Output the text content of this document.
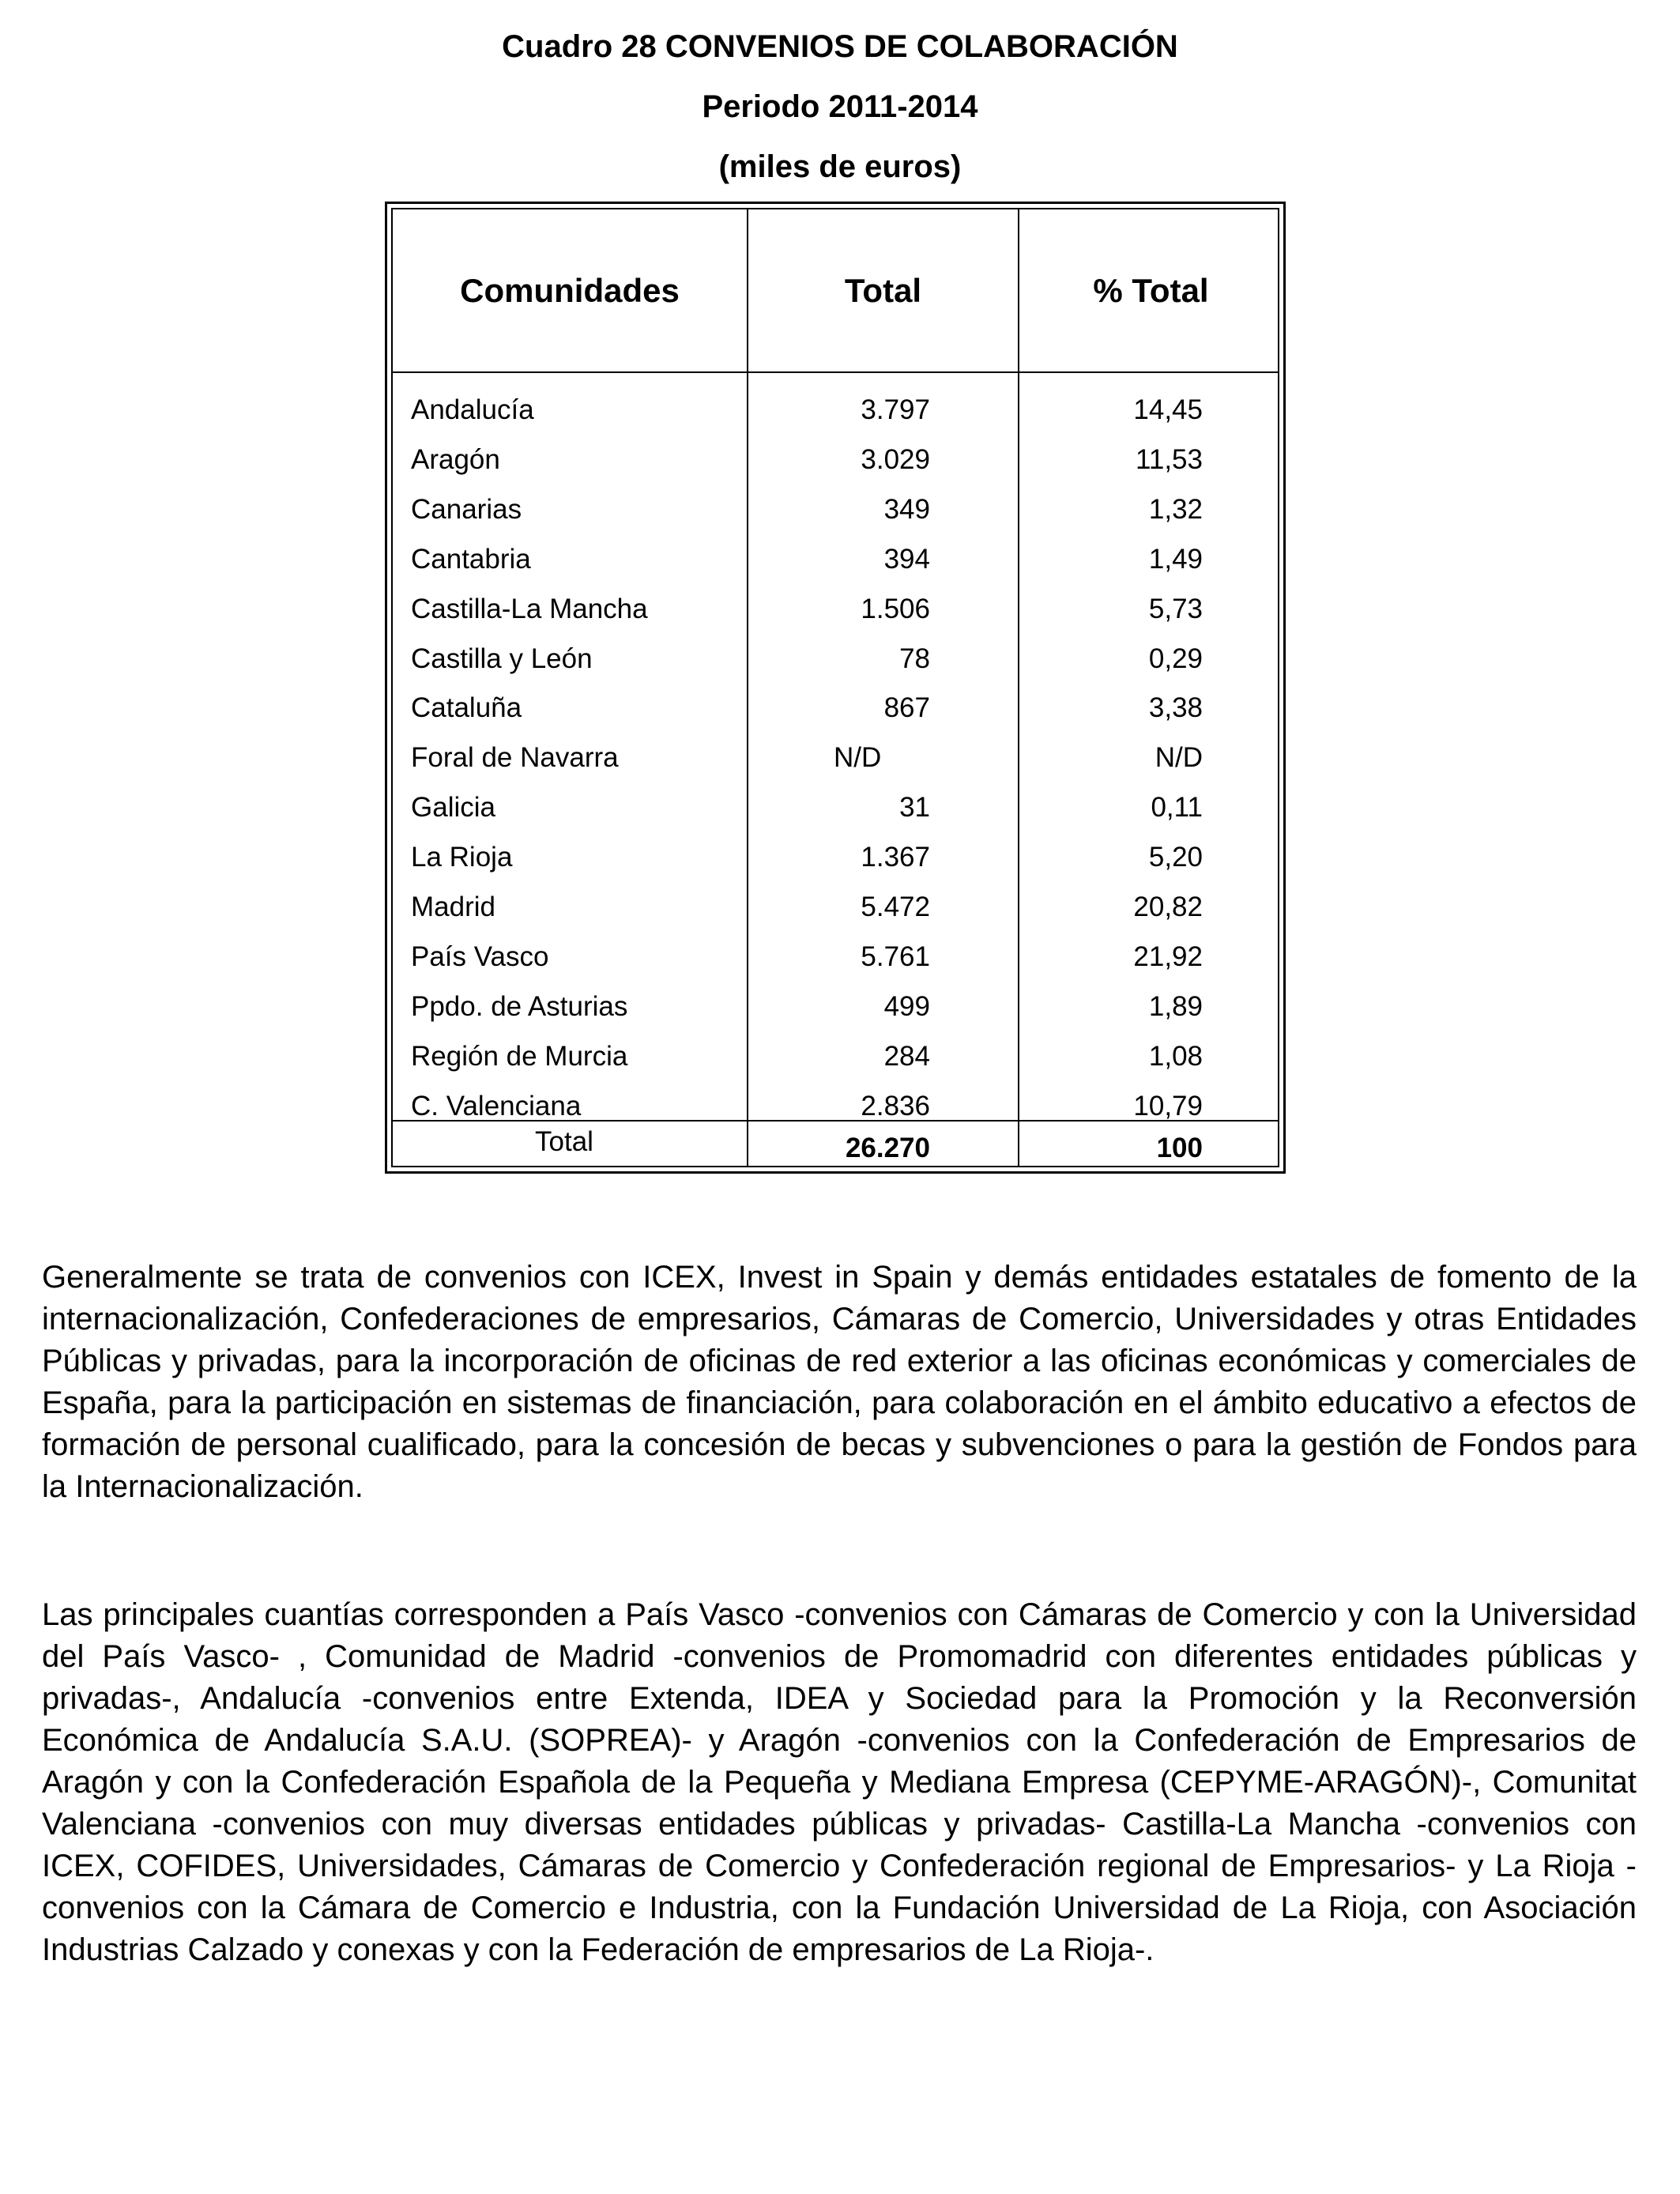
Cuadro 28 CONVENIOS DE COLABORACIÓN

Periodo 2011-2014

(miles de euros)

Comunidades	Total	% Total
Andalucía	3.797	14,45
Aragón	3.029	11,53
Canarias	349	1,32
Cantabria	394	1,49
Castilla-La Mancha	1.506	5,73
Castilla y León	78	0,29
Cataluña	867	3,38
Foral de Navarra	N/D	N/D
Galicia	31	0,11
La Rioja	1.367	5,20
Madrid	5.472	20,82
País Vasco	5.761	21,92
Ppdo. de Asturias	499	1,89
Región de Murcia	284	1,08
C. Valenciana	2.836	10,79
Total	26.270	100

Generalmente se trata de convenios con ICEX, Invest in Spain y demás entidades estatales de fomento de la internacionalización, Confederaciones de empresarios, Cámaras de Comercio, Universidades y otras Entidades Públicas y privadas, para la incorporación de oficinas de red exterior a las oficinas económicas y comerciales de España, para la participación en sistemas de financiación, para colaboración en el ámbito educativo a efectos de formación de personal cualificado, para la concesión de becas y subvenciones o para la gestión de Fondos para la Internacionalización.

Las principales cuantías corresponden a País Vasco -convenios con Cámaras de Comercio y con la Universidad del País Vasco- , Comunidad de Madrid -convenios de Promomadrid con diferentes entidades públicas y privadas-, Andalucía -convenios entre Extenda, IDEA y Sociedad para la Promoción y la Reconversión Económica de Andalucía S.A.U. (SOPREA)- y Aragón -convenios con la Confederación de Empresarios de Aragón y con la Confederación Española de la Pequeña y Mediana Empresa (CEPYME-ARAGÓN)-, Comunitat Valenciana -convenios con muy diversas entidades públicas y privadas- Castilla-La Mancha -convenios con ICEX, COFIDES, Universidades, Cámaras de Comercio y Confederación regional de Empresarios- y La Rioja -convenios con la Cámara de Comercio e Industria, con la Fundación Universidad de La Rioja, con Asociación Industrias Calzado y conexas y con la Federación de empresarios de La Rioja-.
